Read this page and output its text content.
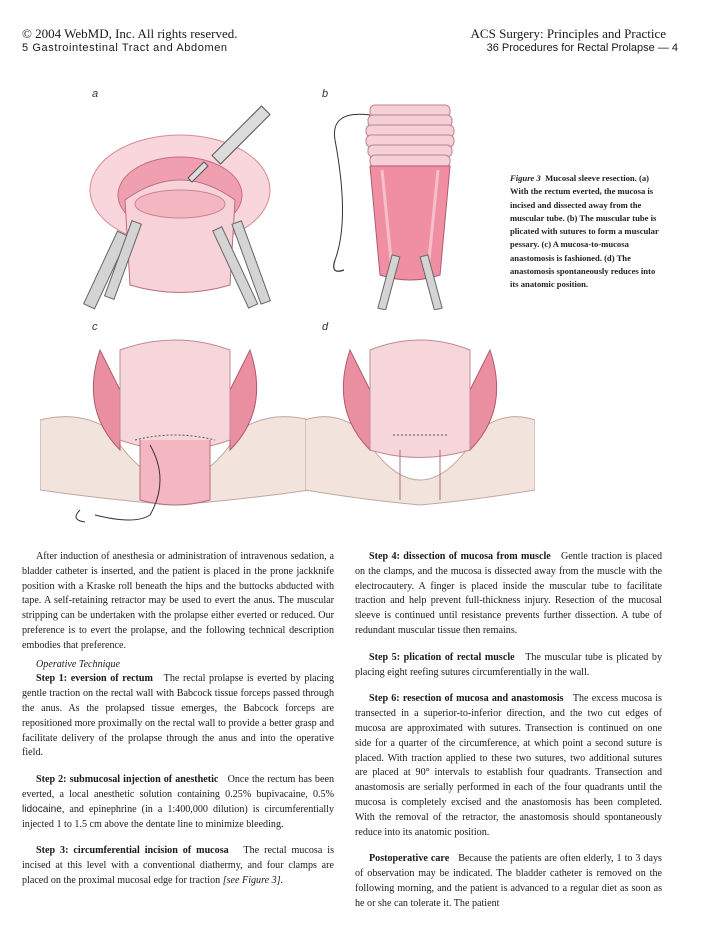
© 2004 WebMD, Inc. All rights reserved.
5 Gastrointestinal Tract and Abdomen
ACS Surgery: Principles and Practice
36 Procedures for Rectal Prolapse — 4
a	b
c	d
Figure 3 Mucosal sleeve resection. (a) With the rectum everted, the mucosa is incised and dissected away from the muscular tube. (b) The muscular tube is plicated with sutures to form a muscular pessary. (c) A mucosa-to-mucosa anastomosis is fashioned. (d) The anastomosis spontaneously reduces into its anatomic position.

After induction of anesthesia or administration of intravenous sedation, a bladder catheter is inserted, and the patient is placed in the prone jackknife position with a Kraske roll beneath the hips and the buttocks abducted with tape. A self-retaining retractor may be used to evert the anus. The muscular stripping can be undertaken with the prolapse either everted or reduced. Our preference is to evert the prolapse, and the following technical description embodies that preference.

Operative Technique

Step 1: eversion of rectum The rectal prolapse is everted by placing gentle traction on the rectal wall with Babcock tissue forceps passed through the anus. As the prolapsed tissue emerges, the Babcock forceps are repositioned more proximally on the rectal wall to provide a better grasp and facilitate delivery of the prolapse through the anus and into the operative field.

Step 2: submucosal injection of anesthetic Once the rectum has been everted, a local anesthetic solution containing 0.25% bupivacaine, 0.5% lidocaine, and epinephrine (in a 1:400,000 dilution) is circumferentially injected 1 to 1.5 cm above the dentate line to minimize bleeding.

Step 3: circumferential incision of mucosa The rectal mucosa is incised at this level with a conventional diathermy, and four clamps are placed on the proximal mucosal edge for traction [see Figure 3].

Step 4: dissection of mucosa from muscle Gentle traction is placed on the clamps, and the mucosa is dissected away from the muscle with the electrocautery. A finger is placed inside the muscular tube to facilitate traction and help prevent full-thickness injury. Resection of the mucosal sleeve is continued until resistance prevents further dissection. A tube of redundant muscular tissue then remains.

Step 5: plication of rectal muscle The muscular tube is plicated by placing eight reefing sutures circumferentially in the wall.

Step 6: resection of mucosa and anastomosis The excess mucosa is transected in a superior-to-inferior direction, and the two cut edges of mucosa are approximated with sutures. Transection is continued on one side for a quarter of the circumference, at which point a second suture is placed. With traction applied to these two sutures, two additional sutures are placed at 90° intervals to establish four quadrants. Transection and anastomosis are serially performed in each of the four quadrants until the mucosa is completely excised and the anastomosis has been completed. With the removal of the retractor, the anastomosis should spontaneously reduce into its anatomic position.

Postoperative care Because the patients are often elderly, 1 to 3 days of observation may be indicated. The bladder catheter is removed on the following morning, and the patient is advanced to a regular diet as soon as he or she can tolerate it. The patient
